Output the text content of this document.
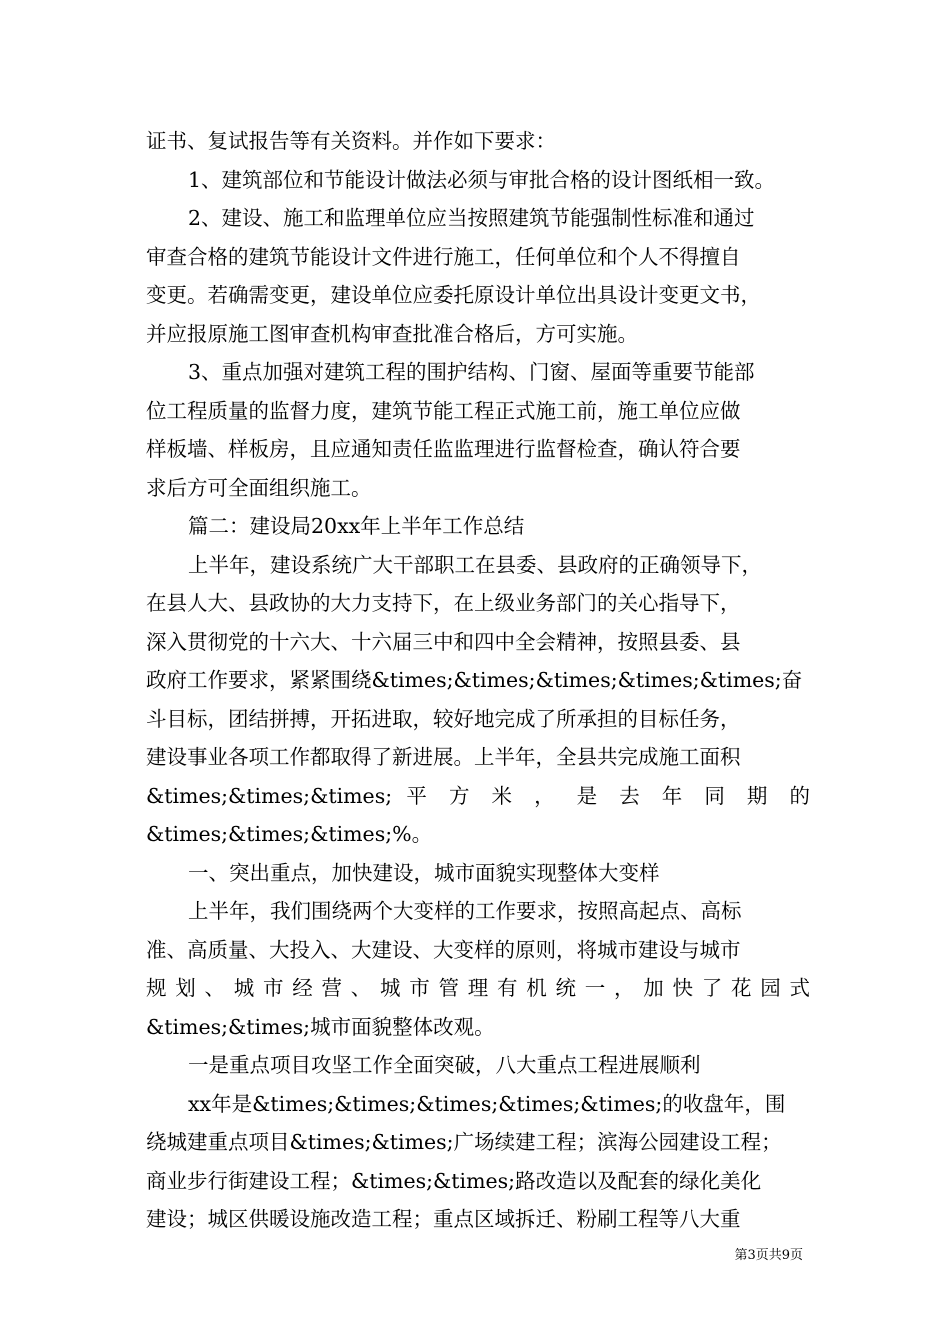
证书、复试报告等有关资料。并作如下要求：
1、建筑部位和节能设计做法必须与审批合格的设计图纸相一致。
2、建设、施工和监理单位应当按照建筑节能强制性标准和通过
审查合格的建筑节能设计文件进行施工，任何单位和个人不得擅自
变更。若确需变更，建设单位应委托原设计单位出具设计变更文书，
并应报原施工图审查机构审查批准合格后，方可实施。
3、重点加强对建筑工程的围护结构、门窗、屋面等重要节能部
位工程质量的监督力度，建筑节能工程正式施工前，施工单位应做
样板墙、样板房，且应通知责任监监理进行监督检查，确认符合要
求后方可全面组织施工。
篇二：建设局20xx年上半年工作总结
上半年，建设系统广大干部职工在县委、县政府的正确领导下，
在县人大、县政协的大力支持下，在上级业务部门的关心指导下，
深入贯彻党的十六大、十六届三中和四中全会精神，按照县委、县
政府工作要求，紧紧围绕&times;&times;&times;&times;&times;奋
斗目标，团结拼搏，开拓进取，较好地完成了所承担的目标任务，
建设事业各项工作都取得了新进展。上半年，全县共完成施工面积
&times;&times;&times; 平 方 米 ， 是 去 年 同 期 的
&times;&times;&times;%。
一、突出重点，加快建设，城市面貌实现整体大变样
上半年，我们围绕两个大变样的工作要求，按照高起点、高标
准、高质量、大投入、大建设、大变样的原则，将城市建设与城市
规 划 、 城 市 经 营 、 城 市 管 理 有 机 统 一 ， 加 快 了 花 园 式
&times;&times;城市面貌整体改观。
一是重点项目攻坚工作全面突破，八大重点工程进展顺利
xx年是&times;&times;&times;&times;&times;的收盘年，围
绕城建重点项目&times;&times;广场续建工程；滨海公园建设工程；
商业步行街建设工程；&times;&times;路改造以及配套的绿化美化
建设；城区供暖设施改造工程；重点区域拆迁、粉刷工程等八大重
第3页共9页
